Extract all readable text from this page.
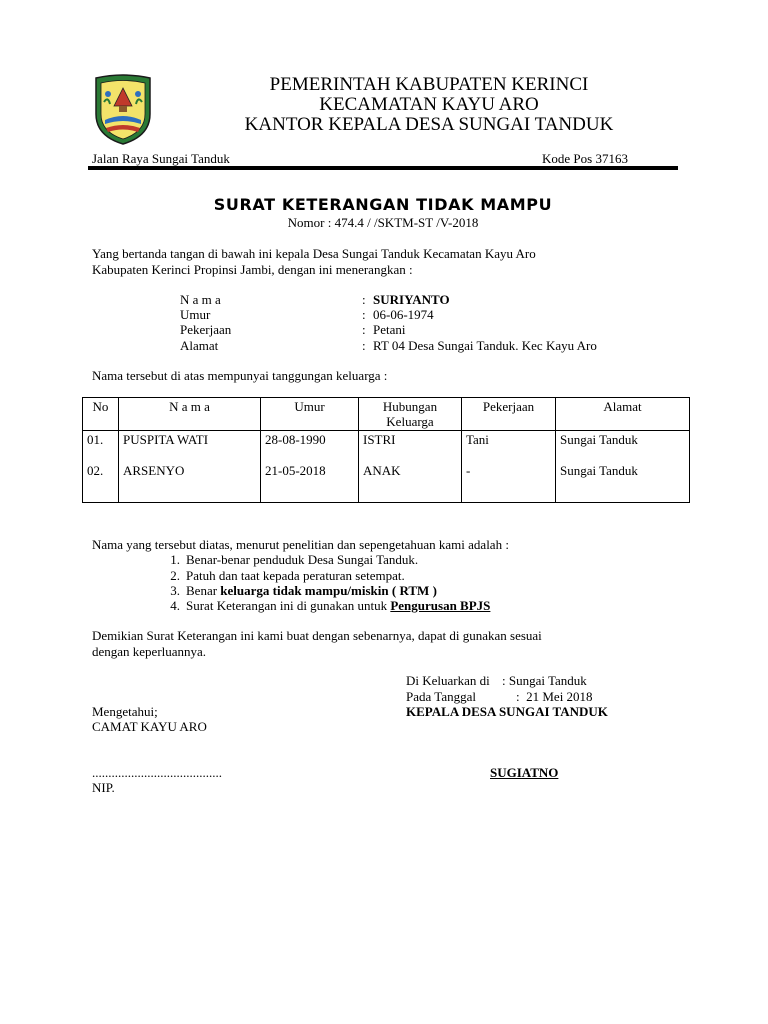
PEMERINTAH KABUPATEN KERINCI
KECAMATAN KAYU ARO
KANTOR KEPALA DESA SUNGAI TANDUK
Jalan Raya Sungai Tanduk	Kode Pos 37163
SURAT KETERANGAN TIDAK MAMPU
Nomor : 474.4 / /SKTM-ST /V-2018
Yang bertanda tangan di bawah ini kepala Desa Sungai Tanduk Kecamatan Kayu Aro
Kabupaten Kerinci Propinsi Jambi, dengan ini menerangkan :
N a m a	: SURIYANTO
Umur	: 06-06-1974
Pekerjaan	: Petani
Alamat	: RT 04 Desa Sungai Tanduk. Kec Kayu Aro
Nama tersebut di atas mempunyai tanggungan keluarga :
No	N a m a	Umur	Hubungan Keluarga	Pekerjaan	Alamat
01.	PUSPITA WATI	28-08-1990	ISTRI	Tani	Sungai Tanduk
02.	ARSENYO	21-05-2018	ANAK	-	Sungai Tanduk
Nama yang tersebut diatas, menurut penelitian dan sepengetahuan kami adalah :
1. Benar-benar penduduk Desa Sungai Tanduk.
2. Patuh dan taat kepada peraturan setempat.
3. Benar keluarga tidak mampu/miskin ( RTM )
4. Surat Keterangan ini di gunakan untuk Pengurusan BPJS
Demikian Surat Keterangan ini kami buat dengan sebenarnya, dapat di gunakan sesuai
dengan keperluannya.
Di Keluarkan di : Sungai Tanduk
Pada Tanggal	:  21 Mei 2018
Mengetahui;	KEPALA DESA SUNGAI TANDUK
CAMAT KAYU ARO
........................................	SUGIATNO
NIP.
